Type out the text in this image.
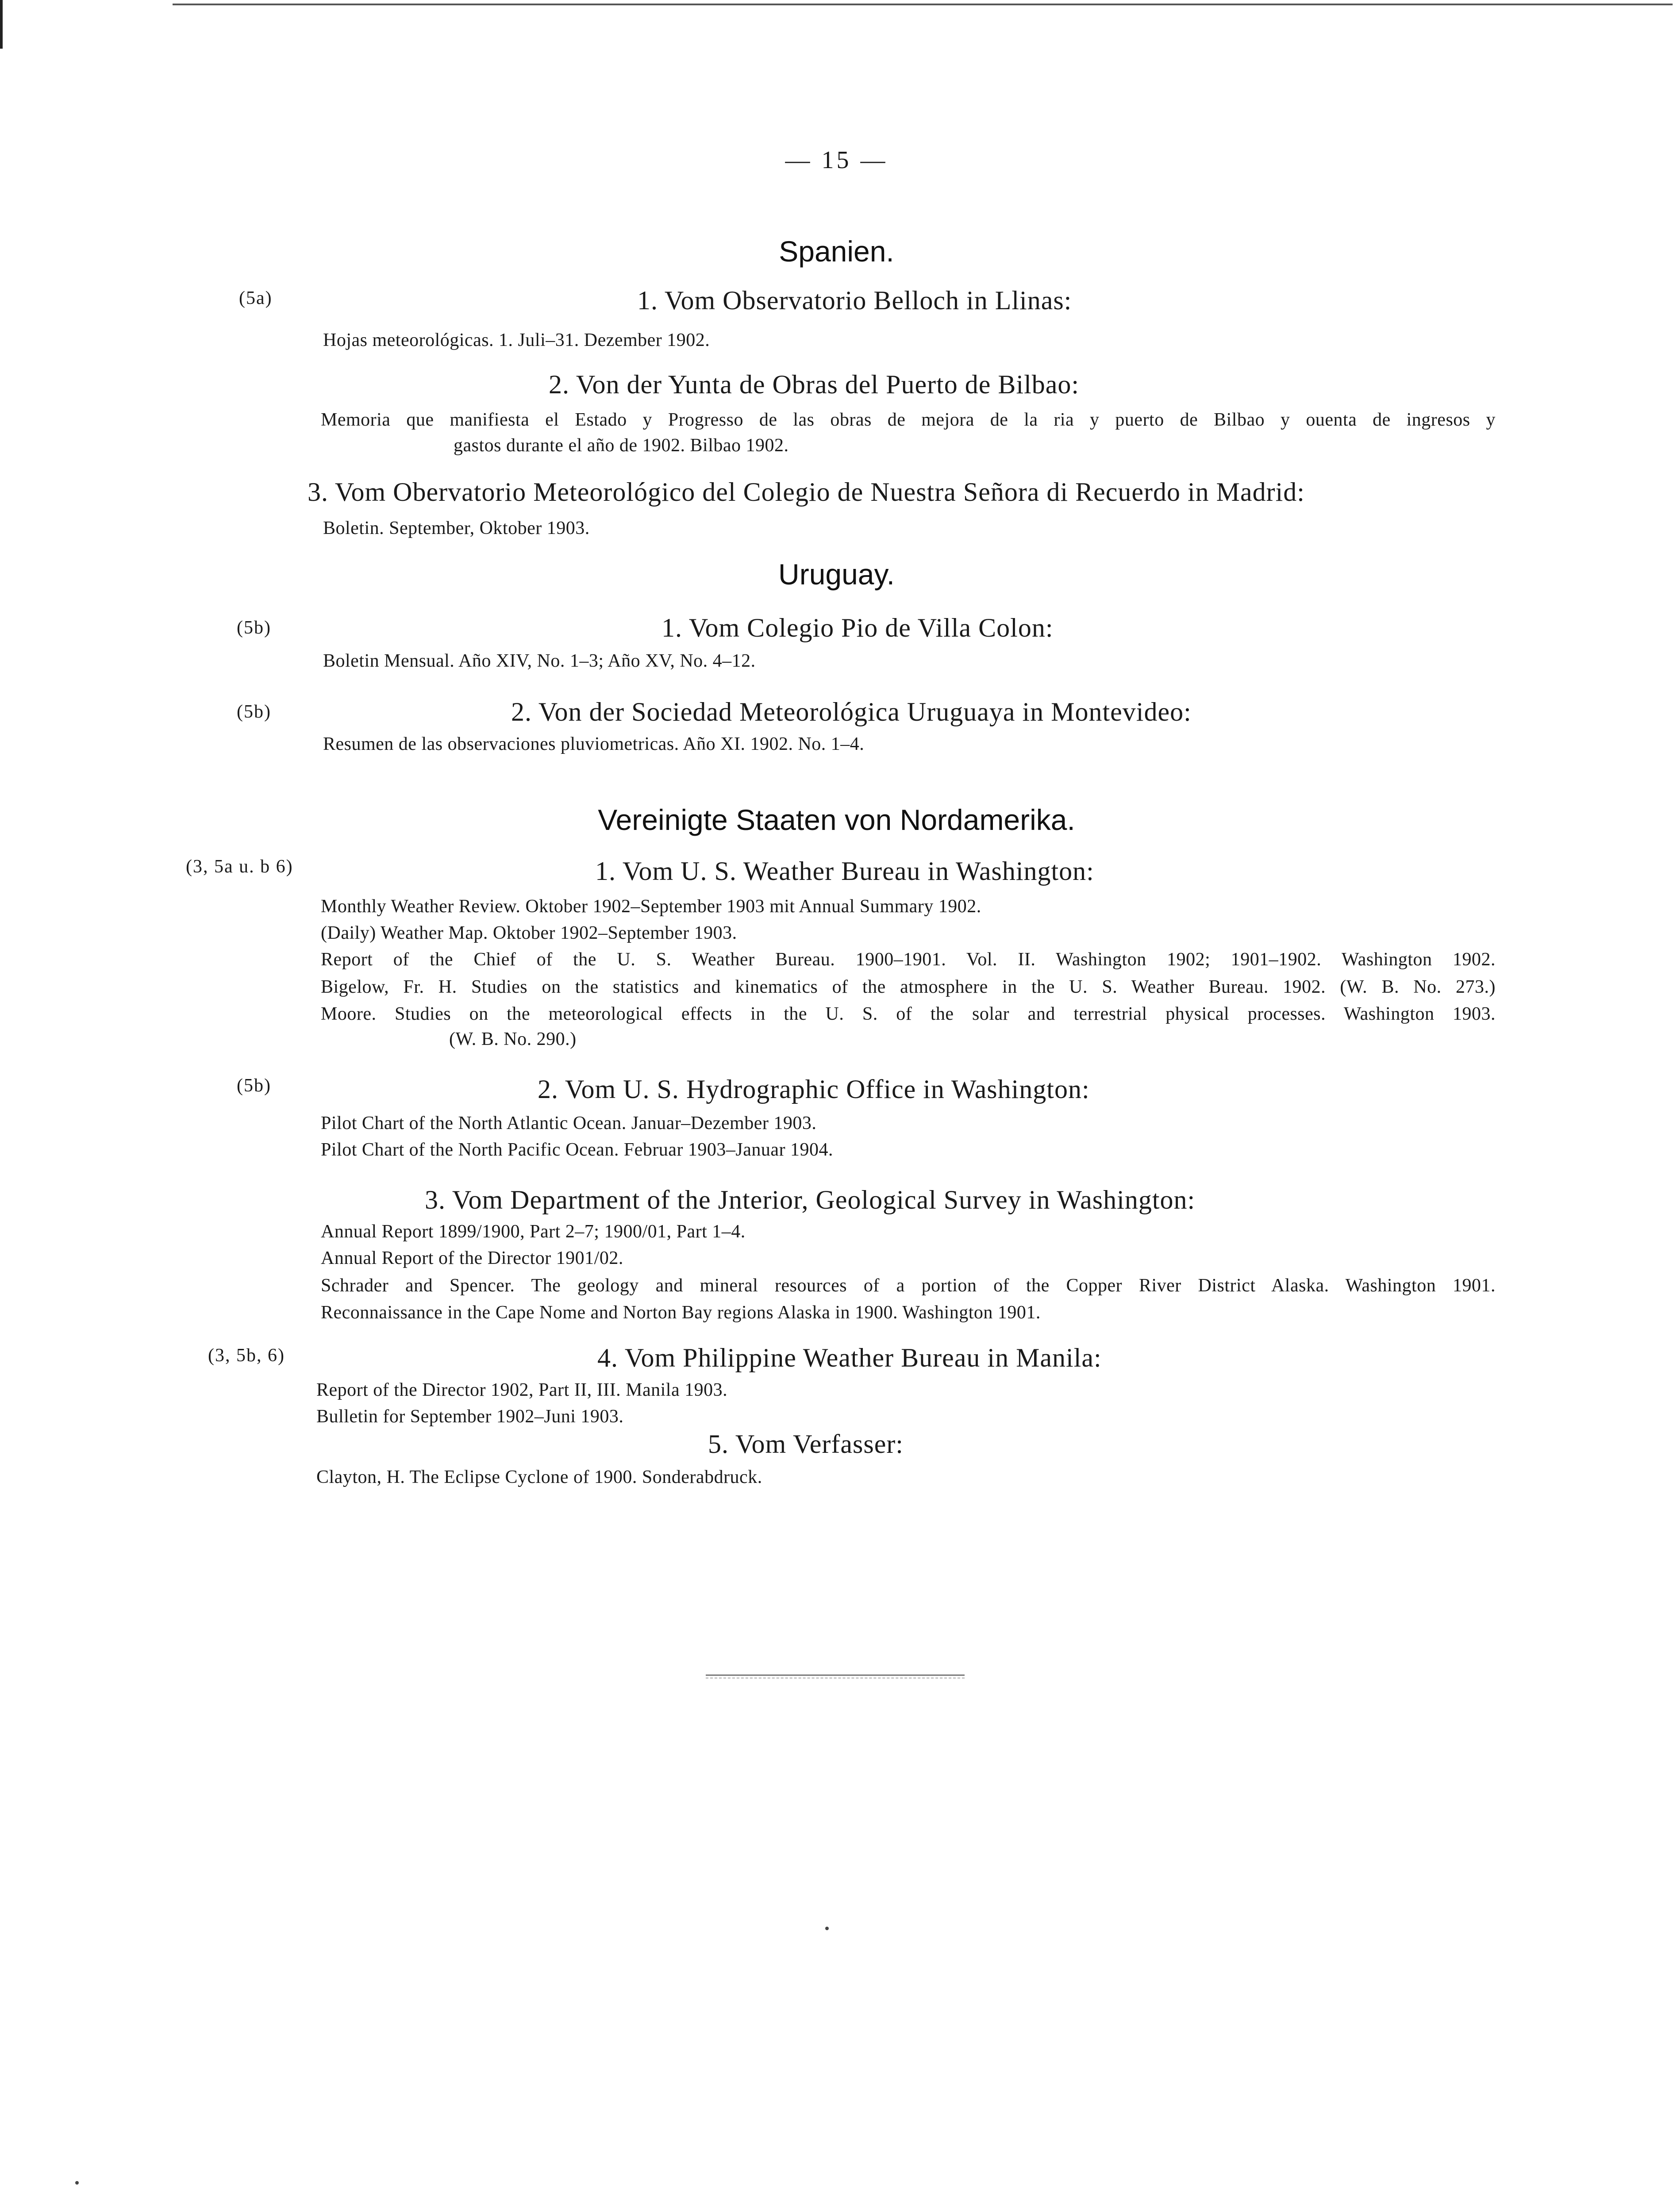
— 15 —
Spanien.
(5a)	1. Vom Observatorio Belloch in Llinas:
Hojas meteorológicas. 1. Juli–31. Dezember 1902.
2. Von der Yunta de Obras del Puerto de Bilbao:
Memoria que manifiesta el Estado y Progresso de las obras de mejora de la ria y puerto de Bilbao y ouenta de ingresos y
gastos durante el año de 1902. Bilbao 1902.
3. Vom Obervatorio Meteorológico del Colegio de Nuestra Señora di Recuerdo in Madrid:
Boletin. September, Oktober 1903.
Uruguay.
(5b)	1. Vom Colegio Pio de Villa Colon:
Boletin Mensual. Año XIV, No. 1–3; Año XV, No. 4–12.
(5b)	2. Von der Sociedad Meteorológica Uruguaya in Montevideo:
Resumen de las observaciones pluviometricas. Año XI. 1902. No. 1–4.
Vereinigte Staaten von Nordamerika.
(3, 5a u. b 6)	1. Vom U. S. Weather Bureau in Washington:
Monthly Weather Review. Oktober 1902–September 1903 mit Annual Summary 1902.
(Daily) Weather Map. Oktober 1902–September 1903.
Report of the Chief of the U. S. Weather Bureau. 1900–1901. Vol. II. Washington 1902; 1901–1902. Washington 1902.
Bigelow, Fr. H. Studies on the statistics and kinematics of the atmosphere in the U. S. Weather Bureau. 1902. (W. B. No. 273.)
Moore. Studies on the meteorological effects in the U. S. of the solar and terrestrial physical processes. Washington 1903.
(W. B. No. 290.)
(5b)	2. Vom U. S. Hydrographic Office in Washington:
Pilot Chart of the North Atlantic Ocean. Januar–Dezember 1903.
Pilot Chart of the North Pacific Ocean. Februar 1903–Januar 1904.
3. Vom Department of the Jnterior, Geological Survey in Washington:
Annual Report 1899/1900, Part 2–7; 1900/01, Part 1–4.
Annual Report of the Director 1901/02.
Schrader and Spencer. The geology and mineral resources of a portion of the Copper River District Alaska. Washington 1901.
Reconnaissance in the Cape Nome and Norton Bay regions Alaska in 1900. Washington 1901.
(3, 5b, 6)	4. Vom Philippine Weather Bureau in Manila:
Report of the Director 1902, Part II, III. Manila 1903.
Bulletin for September 1902–Juni 1903.
5. Vom Verfasser:
Clayton, H. The Eclipse Cyclone of 1900. Sonderabdruck.
